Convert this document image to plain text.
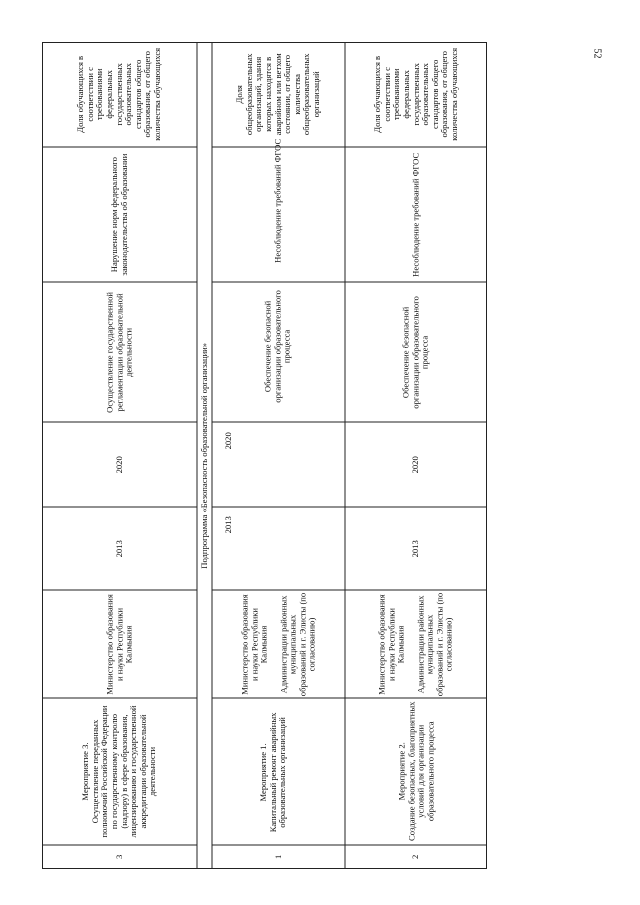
52
Доля обучающихся в соответствии с требованиями федеральных государственных образовательных стандартов общего образования, от общего количества обучающихся
Нарушение норм федерального законодательства об образовании
Осуществление государственной регламентации образовательной деятельности
2020
2013
Министерство образования и науки Республики Калмыкия
Мероприятие 3.
Осуществление переданных полномочий Российской Федерации по государственному контролю (надзору) в сфере образования, лицензированию и государственной аккредитации образовательной деятельности
3
Подпрограмма «Безопасность образовательной организации»
Доля общеобразовательных организаций, здания которых находятся в аварийном или ветхом состоянии, от общего количества общеобразовательных организаций
Несоблюдение требований ФГОС
Обеспечение безопасной организации образовательного процесса
2020
2013
Министерство образования и науки Республики Калмыкия

Администрации районных муниципальных образований и г. Элисты (по согласованию)
Мероприятие 1.
Капитальный ремонт аварийных образовательных организаций
1
Доля обучающихся в соответствии с требованиями федеральных государственных образовательных стандартов общего образования, от общего количества обучающихся
Несоблюдение требований ФГОС
Обеспечение безопасной организации образовательного процесса
2020
2013
Министерство образования и науки Республики Калмыкия

Администрации районных муниципальных образований и г. Элисты (по согласованию)
Мероприятие 2.
Создание безопасных, благоприятных условий для организации образовательного процесса
2
